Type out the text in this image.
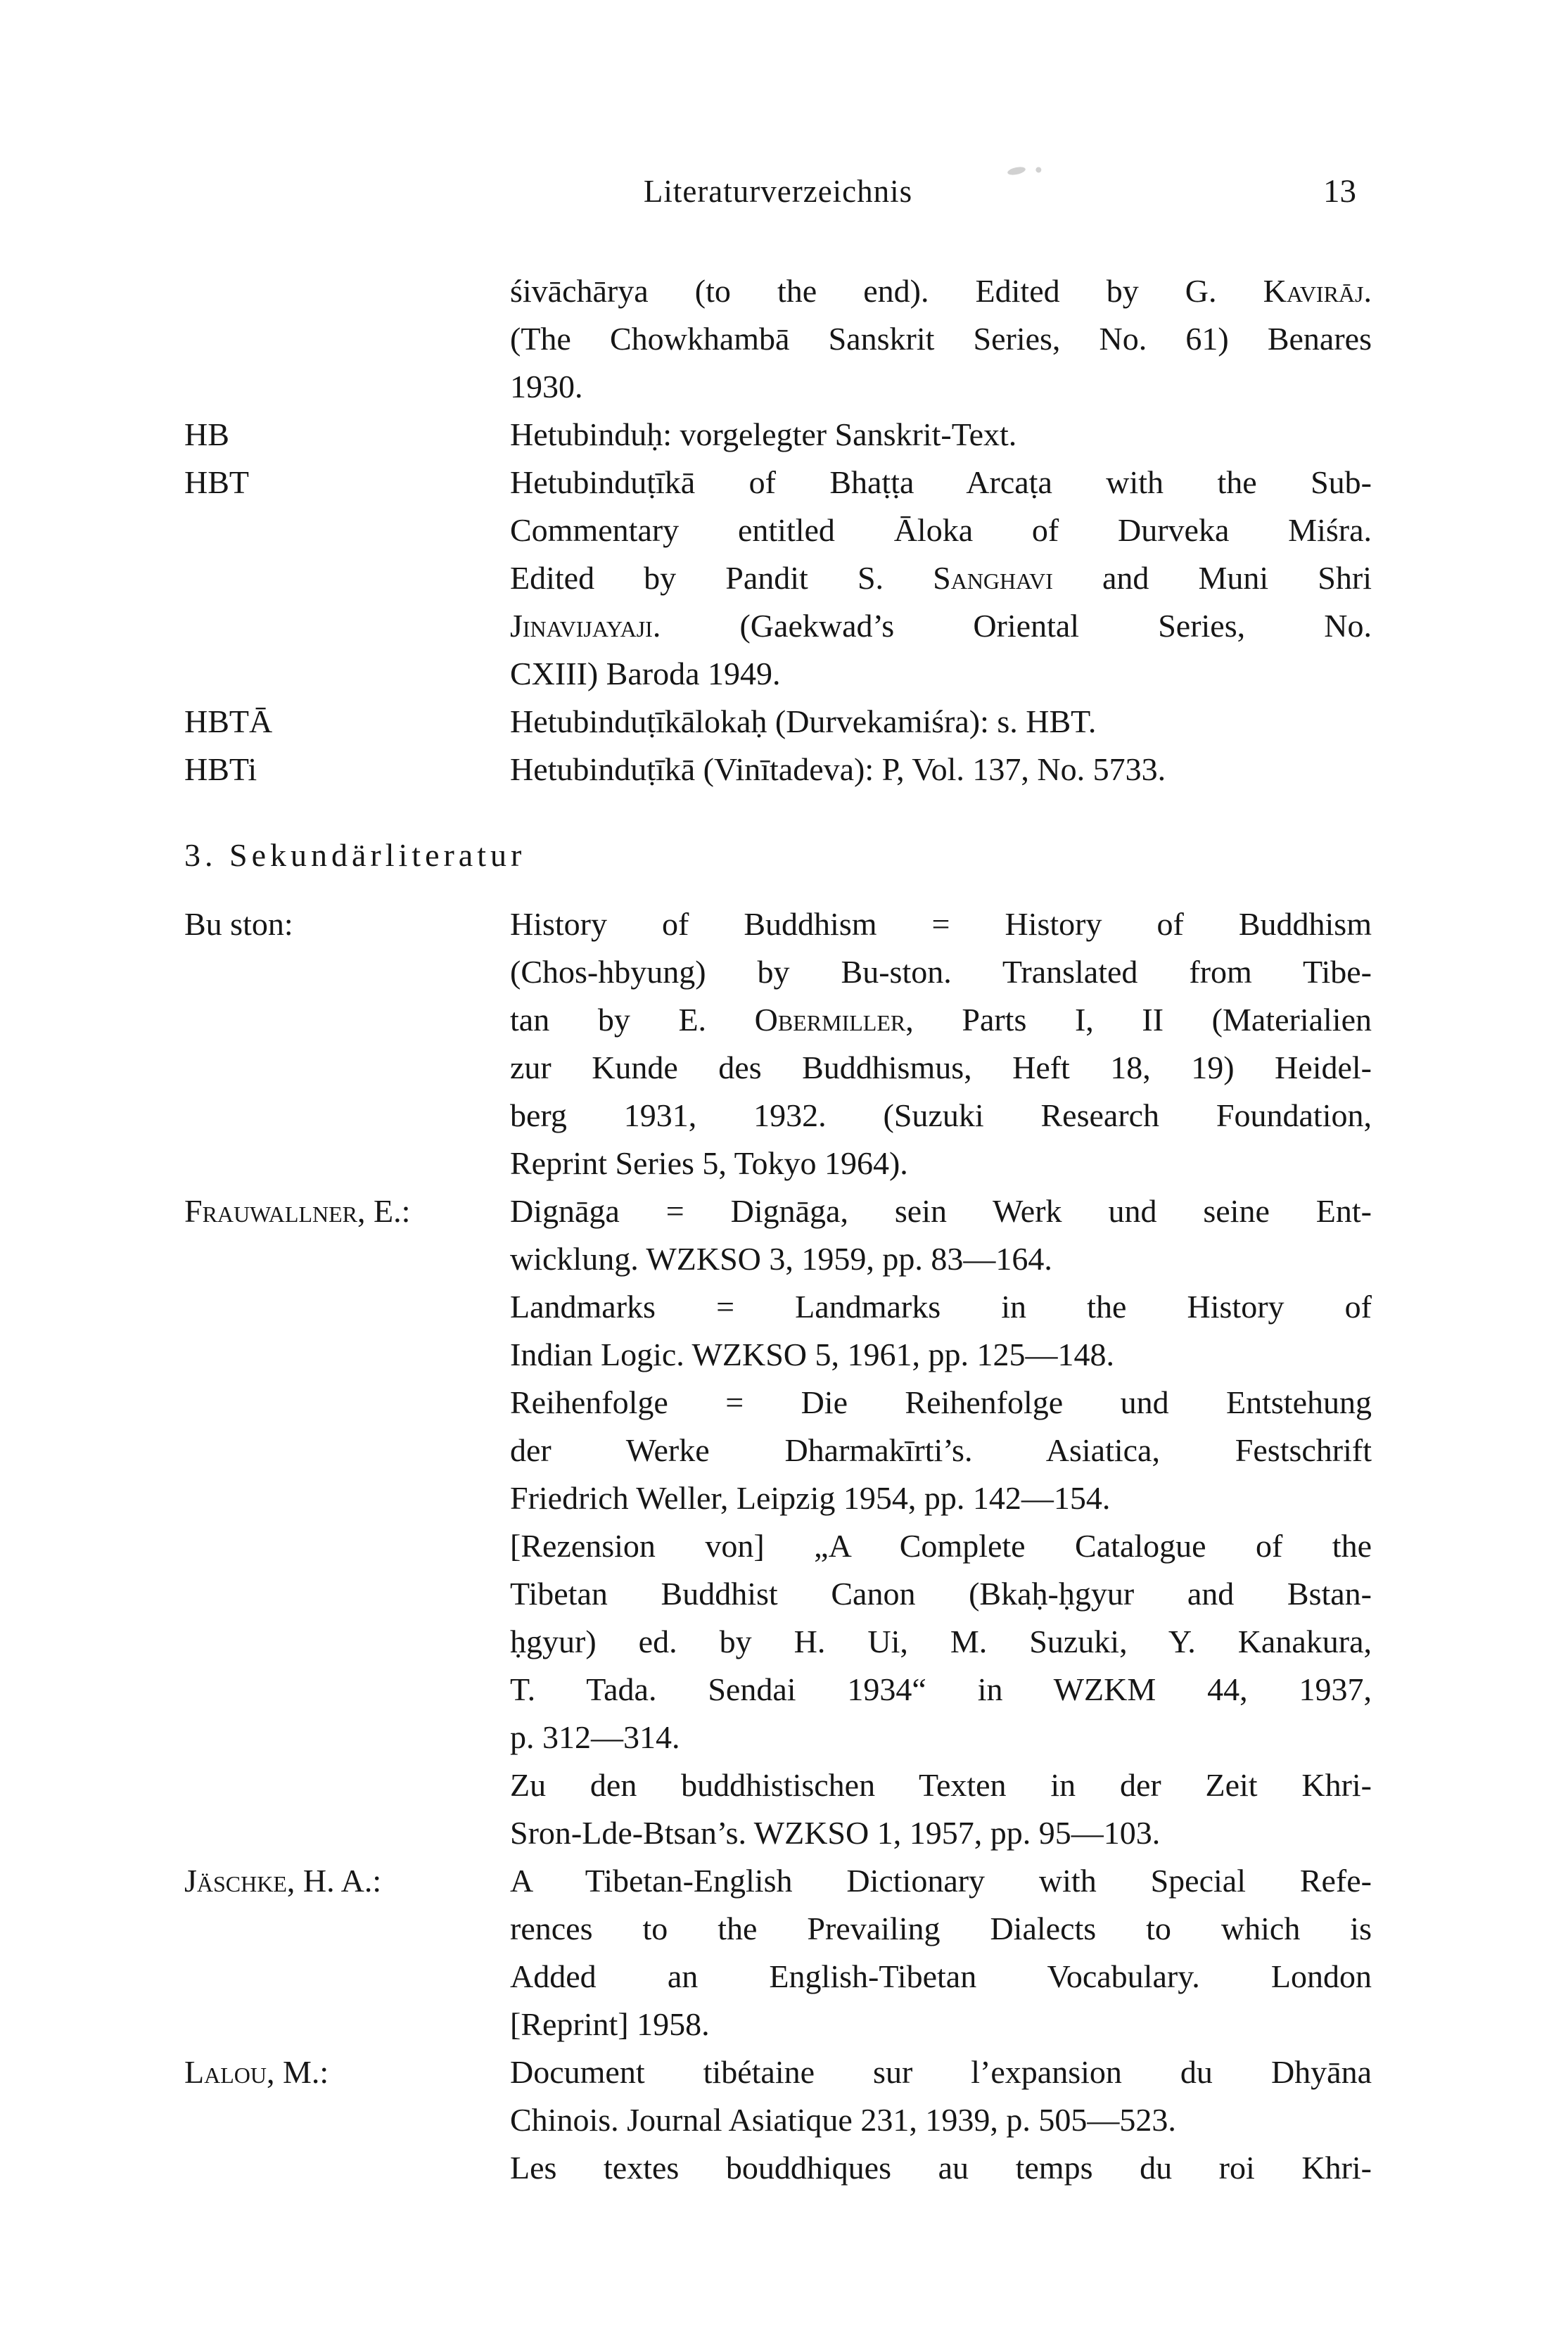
Literaturverzeichnis	13
śivāchārya (to the end). Edited by G. Kavirāj.
(The Chowkhambā Sanskrit Series, No. 61) Benares
1930.
HB	Hetubinduḥ: vorgelegter Sanskrit-Text.
HBT	Hetubinduṭīkā of Bhaṭṭa Arcaṭa with the Sub-
Commentary entitled Āloka of Durveka Miśra.
Edited by Pandit S. Sanghavi and Muni Shri
Jinavijayaji. (Gaekwad’s Oriental Series, No.
CXIII) Baroda 1949.
HBTĀ	Hetubinduṭīkālokaḥ (Durvekamiśra): s. HBT.
HBTi	Hetubinduṭīkā (Vinītadeva): P, Vol. 137, No. 5733.
3. Sekundärliteratur
Bu ston:	History of Buddhism = History of Buddhism
(Chos-hbyung) by Bu-ston. Translated from Tibe-
tan by E. Obermiller, Parts I, II (Materialien
zur Kunde des Buddhismus, Heft 18, 19) Heidel-
berg 1931, 1932. (Suzuki Research Foundation,
Reprint Series 5, Tokyo 1964).
Frauwallner, E.:	Dignāga = Dignāga, sein Werk und seine Ent-
wicklung. WZKSO 3, 1959, pp. 83—164.
Landmarks = Landmarks in the History of
Indian Logic. WZKSO 5, 1961, pp. 125—148.
Reihenfolge = Die Reihenfolge und Entstehung
der Werke Dharmakīrti’s. Asiatica, Festschrift
Friedrich Weller, Leipzig 1954, pp. 142—154.
[Rezension von] „A Complete Catalogue of the
Tibetan Buddhist Canon (Bkaḥ-ḥgyur and Bstan-
ḥgyur) ed. by H. Ui, M. Suzuki, Y. Kanakura,
T. Tada. Sendai 1934“ in WZKM 44, 1937,
p. 312—314.
Zu den buddhistischen Texten in der Zeit Khri-
Sron-Lde-Btsan’s. WZKSO 1, 1957, pp. 95—103.
Jäschke, H. A.:	A Tibetan-English Dictionary with Special Refe-
rences to the Prevailing Dialects to which is
Added an English-Tibetan Vocabulary. London
[Reprint] 1958.
Lalou, M.:	Document tibétaine sur l’expansion du Dhyāna
Chinois. Journal Asiatique 231, 1939, p. 505—523.
Les textes bouddhiques au temps du roi Khri-
